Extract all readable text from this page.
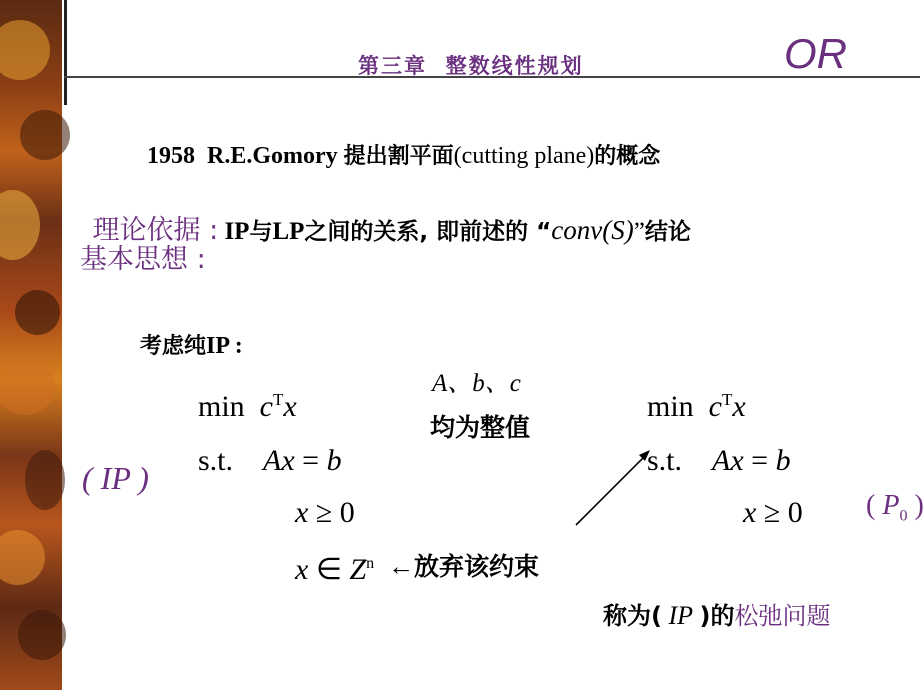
第三章  整数线性规划	OR

1958 R.E.Gomory 提出割平面(cutting plane)的概念

理论依据 : IP与LP之间的关系, 即前述的 “conv(S)”结论

基本思想 :

考虑纯IP :

$\min c^Tx$

s.t. Ax = b

( IP )

x ≥ 0

x ∈ $Z^n$

A、b、c
均为整值

←放弃该约束

$\min c^Tx$

s.t. Ax = b

x ≥ 0	( $P_0$ )

称为( IP )的松弛问题
